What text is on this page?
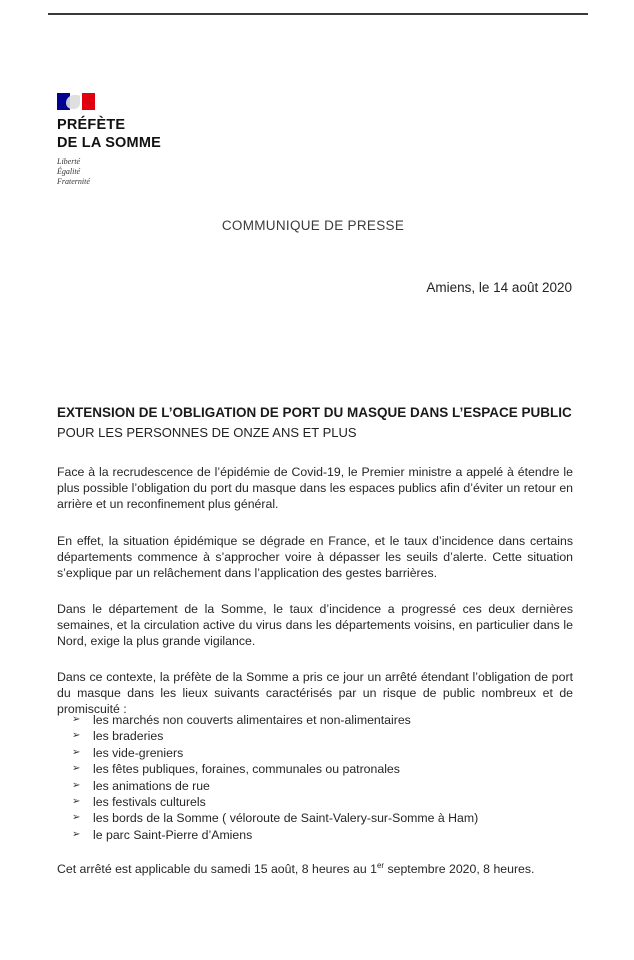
PRÉFÈTE
DE LA SOMME
Liberté
Égalité
Fraternité
COMMUNIQUE DE PRESSE
Amiens, le 14 août 2020
EXTENSION DE L’OBLIGATION DE PORT DU MASQUE DANS L’ESPACE PUBLIC
POUR LES PERSONNES DE ONZE ANS ET PLUS

Face à la recrudescence de l’épidémie de Covid-19, le Premier ministre a appelé à étendre le plus possible l’obligation du port du masque dans les espaces publics afin d’éviter un retour en arrière et un reconfinement plus général.

En effet, la situation épidémique se dégrade en France, et le taux d’incidence dans certains départements commence à s’approcher voire à dépasser les seuils d’alerte. Cette situation s’explique par un relâchement dans l’application des gestes barrières.

Dans le département de la Somme, le taux d’incidence a progressé ces deux dernières semaines, et la circulation active du virus dans les départements voisins, en particulier dans le Nord, exige la plus grande vigilance.

Dans ce contexte, la préfète de la Somme a pris ce jour un arrêté étendant l’obligation de port du masque dans les lieux suivants caractérisés par un risque de public nombreux et de promiscuité :

➢ les marchés non couverts alimentaires et non-alimentaires
➢ les braderies
➢ les vide-greniers
➢ les fêtes publiques, foraines, communales ou patronales
➢ les animations de rue
➢ les festivals culturels
➢ les bords de la Somme ( véloroute de Saint-Valery-sur-Somme à Ham)
➢ le parc Saint-Pierre d’Amiens
Cet arrêté est applicable du samedi 15 août, 8 heures au 1er septembre 2020, 8 heures.
